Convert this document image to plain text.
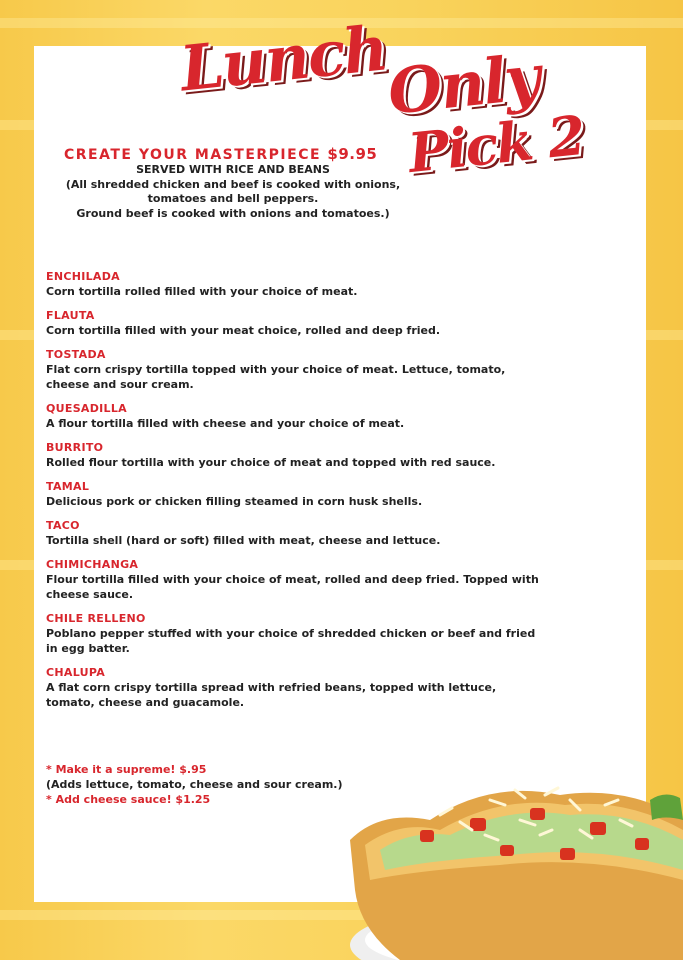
Lunch
Only
Pick 2
CREATE YOUR MASTERPIECE $9.95
SERVED WITH RICE AND BEANS
(All shredded chicken and beef is cooked with onions,
tomatoes and bell peppers.
Ground beef is cooked with onions and tomatoes.)
ENCHILADA
Corn tortilla rolled filled with your choice of meat.
FLAUTA
Corn tortilla filled with your meat choice, rolled and deep fried.
TOSTADA
Flat corn crispy tortilla topped with your choice of meat. Lettuce, tomato, cheese and sour cream.
QUESADILLA
A flour tortilla filled with cheese and your choice of meat.
BURRITO
Rolled flour tortilla with your choice of meat and topped with red sauce.
TAMAL
Delicious pork or chicken filling steamed in corn husk shells.
TACO
Tortilla shell (hard or soft) filled with meat, cheese and lettuce.
CHIMICHANGA
Flour tortilla filled with your choice of meat, rolled and deep fried. Topped with cheese sauce.
CHILE RELLENO
Poblano pepper stuffed with your choice of shredded chicken or beef and fried in egg batter.
CHALUPA
A flat corn crispy tortilla spread with refried beans, topped with lettuce, tomato, cheese and guacamole.
* Make it a supreme! $.95
(Adds lettuce, tomato, cheese and sour cream.)
* Add cheese sauce! $1.25
